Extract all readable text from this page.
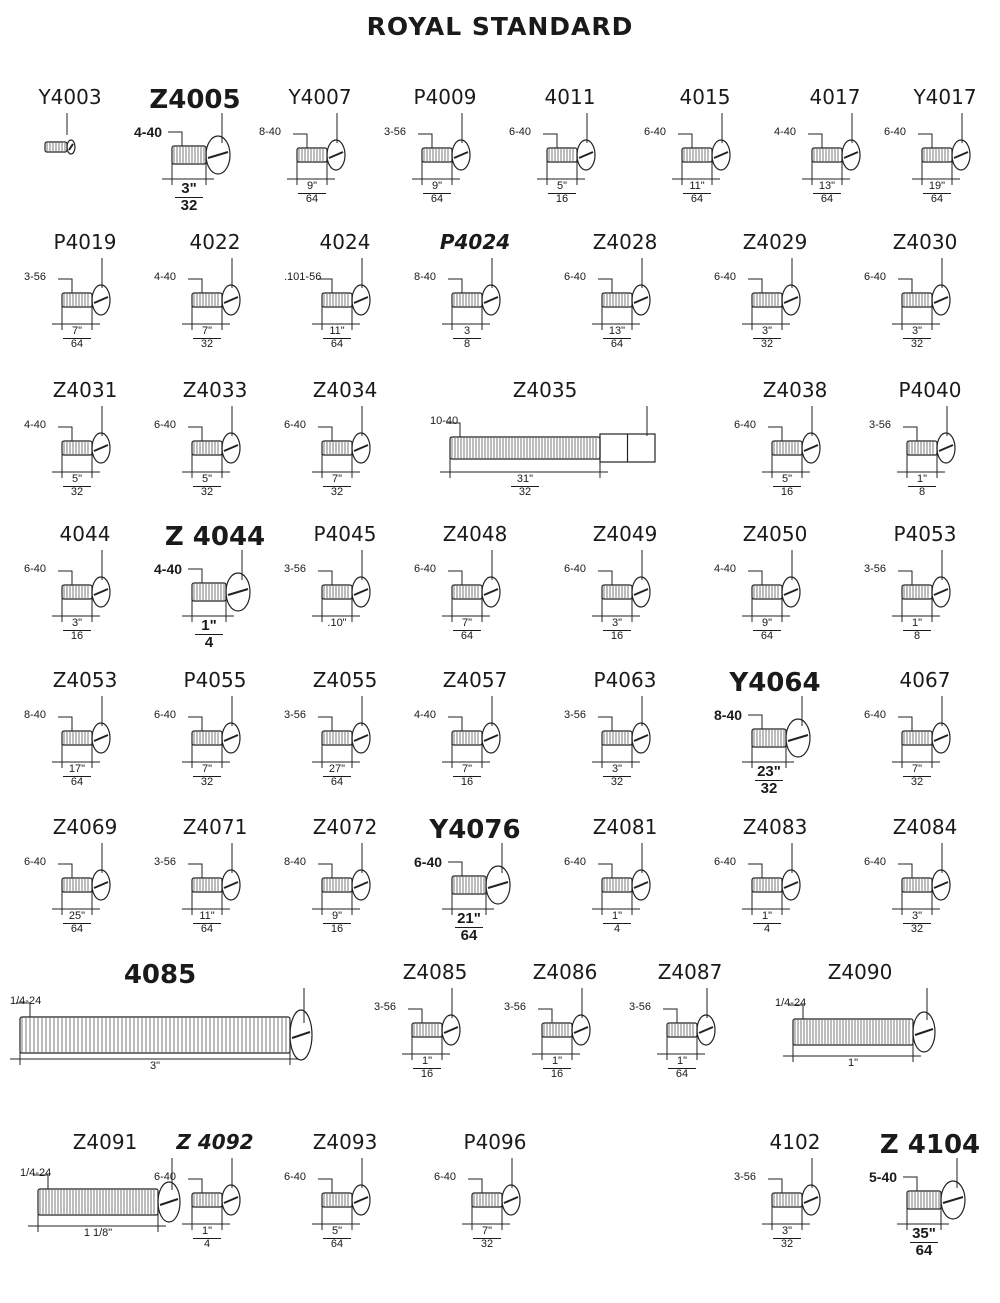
ROYAL STANDARD
Y4003	Z4005
4-40
3"
32
Y4007
8-40
9"
64
P4009
3-56
9"
64
4011
6-40
5"
16
4015
6-40
11"
64
4017
4-40
13"
64
Y4017
6-40
19"
64
P4019
3-56
7"
64
4022
4-40
7"
32
4024
.101-56
11"
64
P4024
8-40
3
8
Z4028
6-40
13"
64
Z4029
6-40
3"
32
Z4030
6-40
3"
32
Z4031
4-40
5"
32
Z4033
6-40
5"
32
Z4034
6-40
7"
32
Z4035
10-40
31"
32
Z4038
6-40
5"
16
P4040
3-56
1"
8
4044
6-40
3"
16
Z 4044
4-40
1"
4
P4045
3-56
.10"
Z4048
6-40
7"
64
Z4049
6-40
3"
16
Z4050
4-40
9"
64
P4053
3-56
1"
8
Z4053
8-40
17"
64
P4055
6-40
7"
32
Z4055
3-56
27"
64
Z4057
4-40
7"
16
P4063
3-56
3"
32
Y4064
8-40
23"
32
4067
6-40
7"
32
Z4069
6-40
25"
64
Z4071
3-56
11"
64
Z4072
8-40
9"
16
Y4076
6-40
21"
64
Z4081
6-40
1"
4
Z4083
6-40
1"
4
Z4084
6-40
3"
32
4085
1/4-24
3"
Z4085
3-56
1"
16
Z4086
3-56
1"
16
Z4087
3-56
1"
64
Z4090
1/4-24
1"
Z4091
1/4-24
1 1/8"
Z 4092
6-40
1"
4
Z4093
6-40
5"
64
P4096
6-40
7"
32
4102
3-56
3"
32
Z 4104
5-40
35"
64
